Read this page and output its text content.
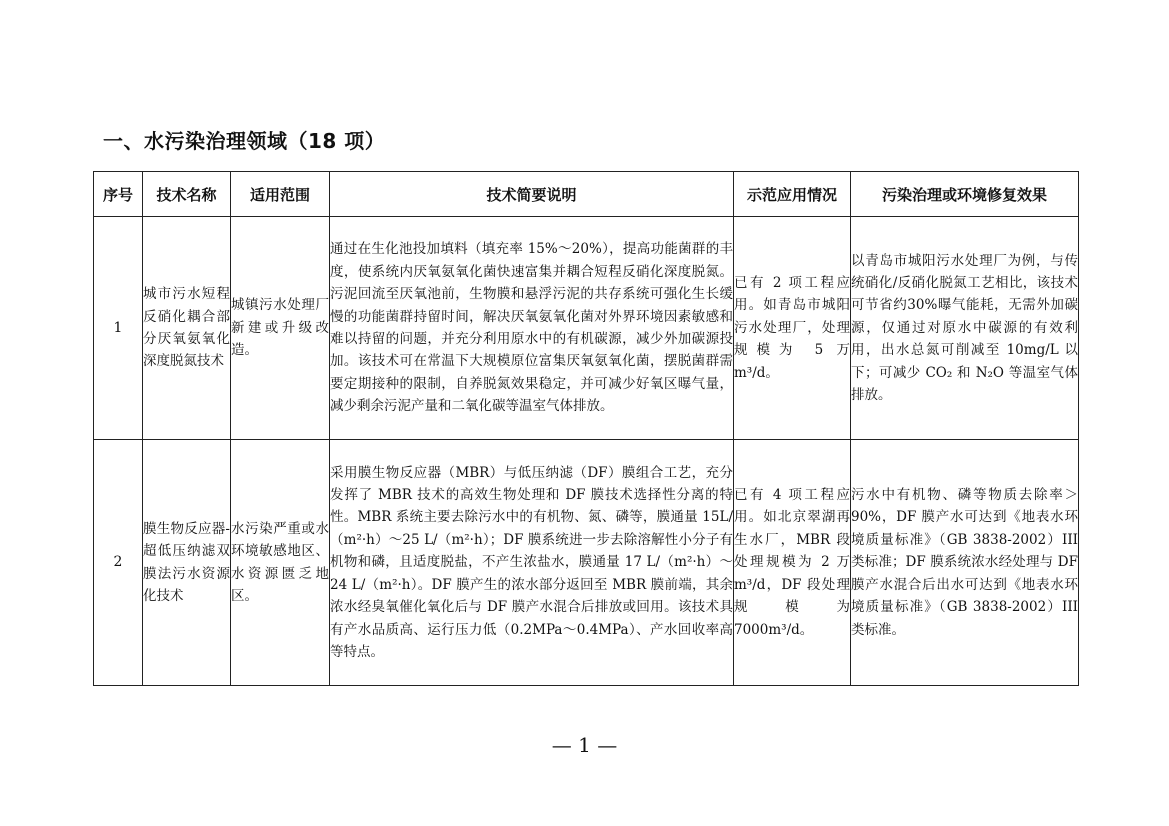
一、水污染治理领域（18 项）
序号	技术名称	适用范围	技术简要说明	示范应用情况	污染治理或环境修复效果
1	城市污水短程反硝化耦合部分厌氧氨氧化深度脱氮技术	城镇污水处理厂新建或升级改造。	通过在生化池投加填料（填充率 15%～20%），提高功能菌群的丰度，使系统内厌氧氨氧化菌快速富集并耦合短程反硝化深度脱氮。污泥回流至厌氧池前，生物膜和悬浮污泥的共存系统可强化生长缓慢的功能菌群持留时间，解决厌氧氨氧化菌对外界环境因素敏感和难以持留的问题，并充分利用原水中的有机碳源，减少外加碳源投加。该技术可在常温下大规模原位富集厌氧氨氧化菌，摆脱菌群需要定期接种的限制，自养脱氮效果稳定，并可减少好氧区曝气量，减少剩余污泥产量和二氧化碳等温室气体排放。	已有 2 项工程应用。如青岛市城阳污水处理厂，处理规模为 5 万 m³/d。	以青岛市城阳污水处理厂为例，与传统硝化/反硝化脱氮工艺相比，该技术可节省约30%曝气能耗，无需外加碳源，仅通过对原水中碳源的有效利用，出水总氮可削减至 10mg/L 以下；可减少 CO₂ 和 N₂O 等温室气体排放。
2	膜生物反应器-超低压纳滤双膜法污水资源化技术	水污染严重或水环境敏感地区、水资源匮乏地区。	采用膜生物反应器（MBR）与低压纳滤（DF）膜组合工艺，充分发挥了 MBR 技术的高效生物处理和 DF 膜技术选择性分离的特性。MBR 系统主要去除污水中的有机物、氮、磷等，膜通量 15L/（m²·h）～25 L/（m²·h）；DF 膜系统进一步去除溶解性小分子有机物和磷，且适度脱盐，不产生浓盐水，膜通量 17 L/（m²·h）～24 L/（m²·h）。DF 膜产生的浓水部分返回至 MBR 膜前端，其余浓水经臭氧催化氧化后与 DF 膜产水混合后排放或回用。该技术具有产水品质高、运行压力低（0.2MPa～0.4MPa）、产水回收率高等特点。	已有 4 项工程应用。如北京翠湖再生水厂，MBR 段处理规模为 2 万 m³/d，DF 段处理规模为 7000m³/d。	污水中有机物、磷等物质去除率＞90%，DF 膜产水可达到《地表水环境质量标准》（GB 3838-2002）III 类标准；DF 膜系统浓水经处理与 DF 膜产水混合后出水可达到《地表水环境质量标准》（GB 3838-2002）III 类标准。
— 1 —
